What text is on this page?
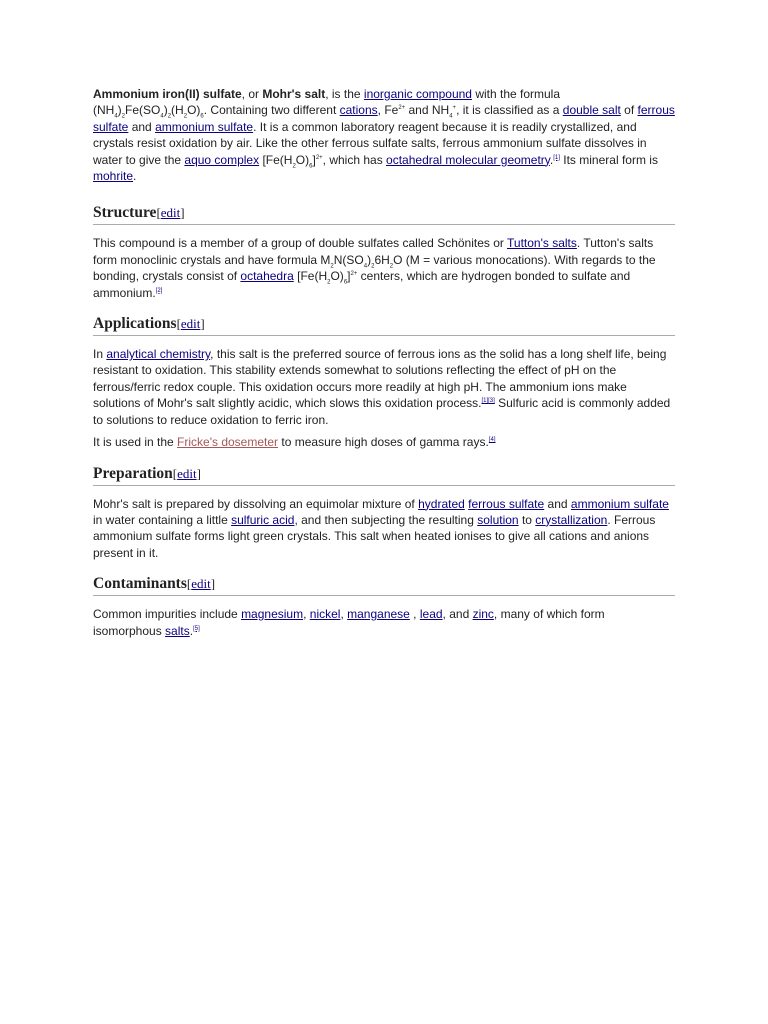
Ammonium iron(II) sulfate, or Mohr's salt, is the inorganic compound with the formula $(NH_4)_2Fe(SO_4)_2(H_2O)_6$. Containing two different cations, $Fe^{2+}$ and $NH_4^+$, it is classified as a double salt of ferrous sulfate and ammonium sulfate. It is a common laboratory reagent because it is readily crystallized, and crystals resist oxidation by air. Like the other ferrous sulfate salts, ferrous ammonium sulfate dissolves in water to give the aquo complex $[Fe(H_2O)_6]^{2+}$, which has octahedral molecular geometry.[1] Its mineral form is mohrite.

Structure[edit]

This compound is a member of a group of double sulfates called Schönites or Tutton's salts. Tutton's salts form monoclinic crystals and have formula $M_2N(SO_4)_26H_2O$ (M = various monocations). With regards to the bonding, crystals consist of octahedra $[Fe(H_2O)_6]^{2+}$ centers, which are hydrogen bonded to sulfate and ammonium.[2]

Applications[edit]

In analytical chemistry, this salt is the preferred source of ferrous ions as the solid has a long shelf life, being resistant to oxidation. This stability extends somewhat to solutions reflecting the effect of pH on the ferrous/ferric redox couple. This oxidation occurs more readily at high pH. The ammonium ions make solutions of Mohr's salt slightly acidic, which slows this oxidation process.[1][3] Sulfuric acid is commonly added to solutions to reduce oxidation to ferric iron.

It is used in the Fricke's dosemeter to measure high doses of gamma rays.[4]

Preparation[edit]

Mohr's salt is prepared by dissolving an equimolar mixture of hydrated ferrous sulfate and ammonium sulfate in water containing a little sulfuric acid, and then subjecting the resulting solution to crystallization. Ferrous ammonium sulfate forms light green crystals. This salt when heated ionises to give all cations and anions present in it.

Contaminants[edit]

Common impurities include magnesium, nickel, manganese , lead, and zinc, many of which form isomorphous salts.[5]
